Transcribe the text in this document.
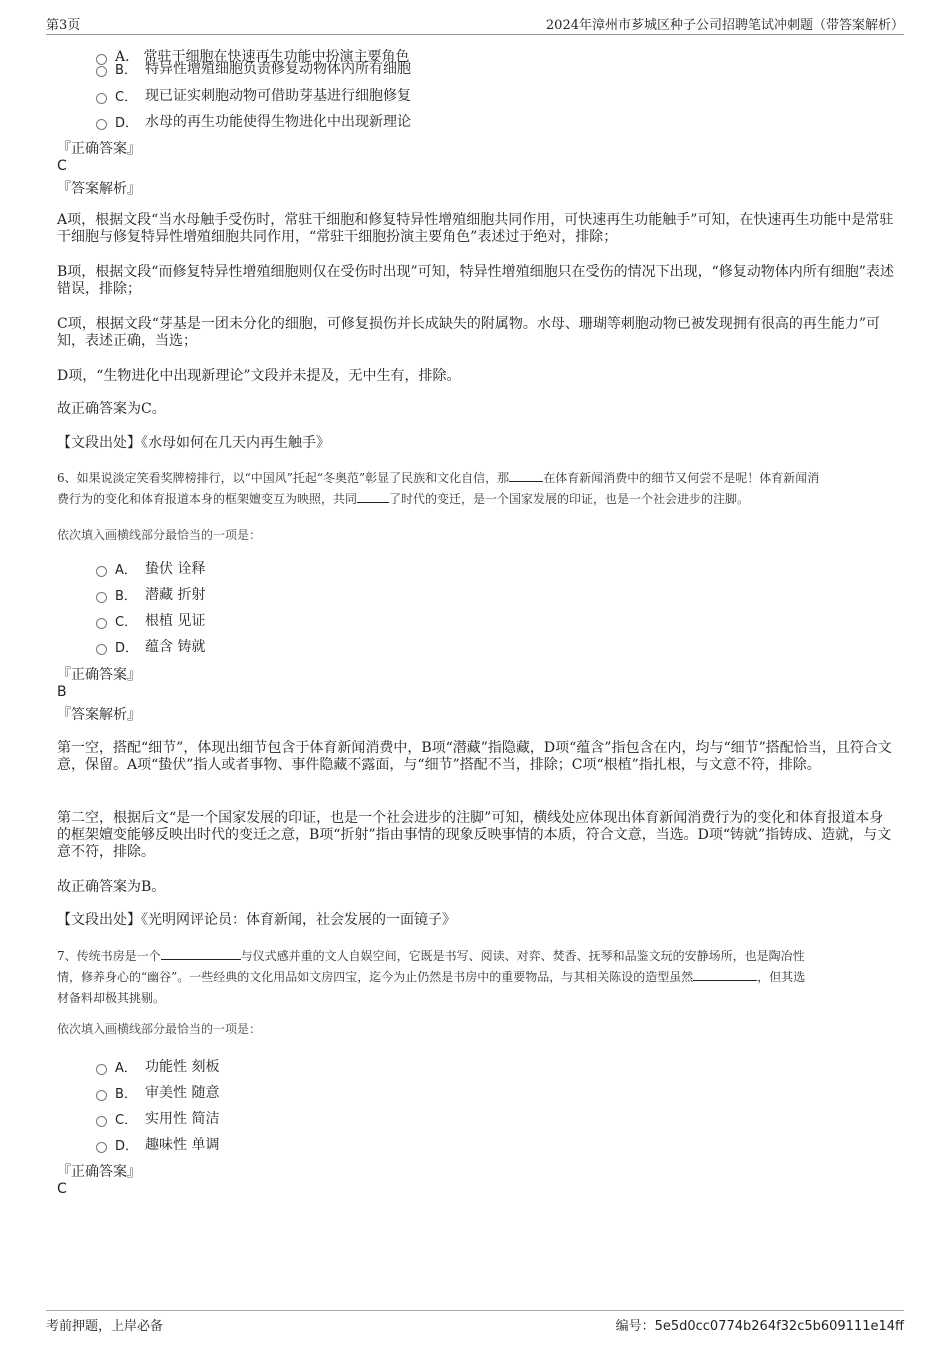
第3页	2024年漳州市芗城区种子公司招聘笔试冲刺题（带答案解析）
A． 常驻干细胞在快速再生功能中扮演主要角色
B． 特异性增殖细胞负责修复动物体内所有细胞
C． 现已证实刺胞动物可借助芽基进行细胞修复
D． 水母的再生功能使得生物进化中出现新理论
『正确答案』
C
『答案解析』
A项，根据文段“当水母触手受伤时，常驻干细胞和修复特异性增殖细胞共同作用，可快速再生功能触手”可知，在快速再生功能中是常驻干细胞与修复特异性增殖细胞共同作用，“常驻干细胞扮演主要角色”表述过于绝对，排除；
B项，根据文段“而修复特异性增殖细胞则仅在受伤时出现”可知，特异性增殖细胞只在受伤的情况下出现，“修复动物体内所有细胞”表述错误，排除；
C项，根据文段“芽基是一团未分化的细胞，可修复损伤并长成缺失的附属物。水母、珊瑚等刺胞动物已被发现拥有很高的再生能力”可知，表述正确，当选；
D项，“生物进化中出现新理论”文段并未提及，无中生有，排除。
故正确答案为C。
【文段出处】《水母如何在几天内再生触手》
6、如果说淡定笑看奖牌榜排行，以“中国风”托起“冬奥范”彰显了民族和文化自信，那	在体育新闻消费中的细节又何尝不是呢！体育新闻消
费行为的变化和体育报道本身的框架嬗变互为映照，共同	了时代的变迁，是一个国家发展的印证，也是一个社会进步的注脚。
依次填入画横线部分最恰当的一项是：
A． 蛰伏 诠释
B． 潜藏 折射
C． 根植 见证
D． 蕴含 铸就
『正确答案』
B
『答案解析』
第一空，搭配“细节”，体现出细节包含于体育新闻消费中，B项“潜藏”指隐藏，D项“蕴含”指包含在内，均与“细节”搭配恰当，且符合文意，保留。A项“蛰伏”指人或者事物、事件隐藏不露面，与“细节”搭配不当，排除；C项“根植”指扎根，与文意不符，排除。
第二空，根据后文“是一个国家发展的印证，也是一个社会进步的注脚”可知，横线处应体现出体育新闻消费行为的变化和体育报道本身的框架嬗变能够反映出时代的变迁之意，B项“折射”指由事情的现象反映事情的本质，符合文意，当选。D项“铸就”指铸成、造就，与文意不符，排除。
故正确答案为B。
【文段出处】《光明网评论员：体育新闻，社会发展的一面镜子》
7、传统书房是一个	与仪式感并重的文人自娱空间，它既是书写、阅读、对弈、焚香、抚琴和品鉴文玩的安静场所，也是陶冶性
情，修养身心的“幽谷”。一些经典的文化用品如文房四宝，迄今为止仍然是书房中的重要物品，与其相关陈设的造型虽然	，但其选
材备料却极其挑剔。
依次填入画横线部分最恰当的一项是：
A． 功能性 刻板
B． 审美性 随意
C． 实用性 简洁
D． 趣味性 单调
『正确答案』
C
考前押题，上岸必备	编号：5e5d0cc0774b264f32c5b609111e14ff
